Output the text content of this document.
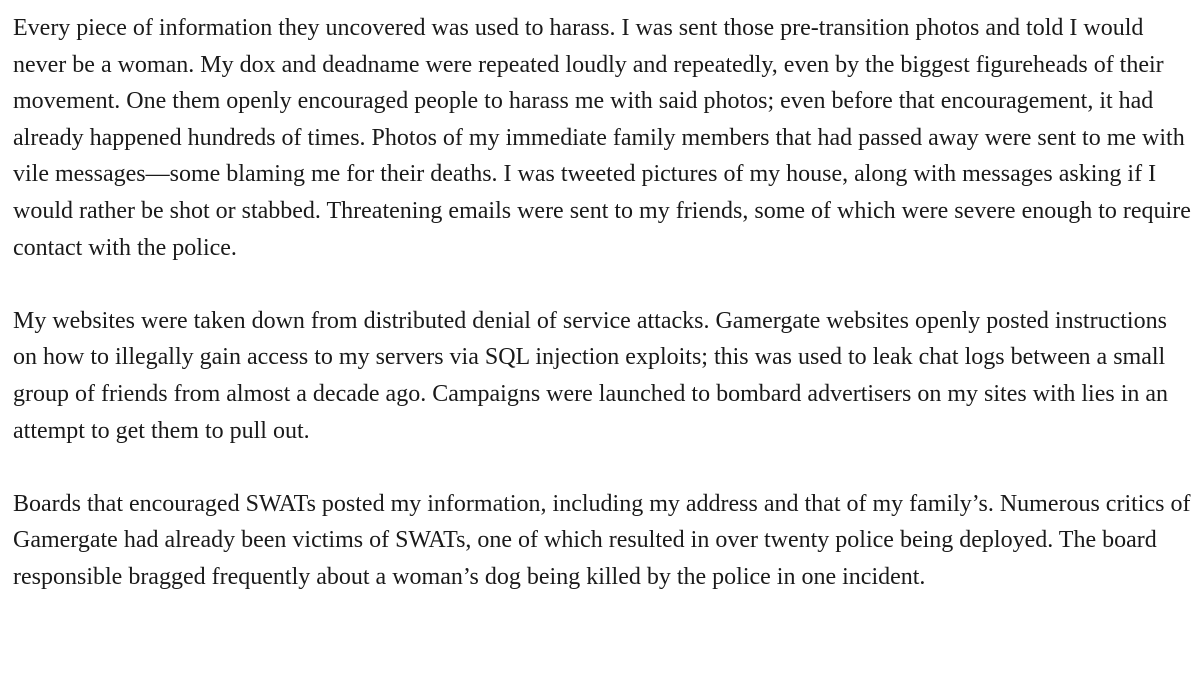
Every piece of information they uncovered was used to harass. I was sent those pre-transition photos and told I would never be a woman. My dox and deadname were repeated loudly and repeatedly, even by the biggest figureheads of their movement. One them openly encouraged people to harass me with said photos; even before that encouragement, it had already happened hundreds of times. Photos of my immediate family members that had passed away were sent to me with vile messages—some blaming me for their deaths. I was tweeted pictures of my house, along with messages asking if I would rather be shot or stabbed. Threatening emails were sent to my friends, some of which were severe enough to require contact with the police.

My websites were taken down from distributed denial of service attacks. Gamergate websites openly posted instructions on how to illegally gain access to my servers via SQL injection exploits; this was used to leak chat logs between a small group of friends from almost a decade ago. Campaigns were launched to bombard advertisers on my sites with lies in an attempt to get them to pull out.

Boards that encouraged SWATs posted my information, including my address and that of my family’s. Numerous critics of Gamergate had already been victims of SWATs, one of which resulted in over twenty police being deployed. The board responsible bragged frequently about a woman’s dog being killed by the police in one incident.
